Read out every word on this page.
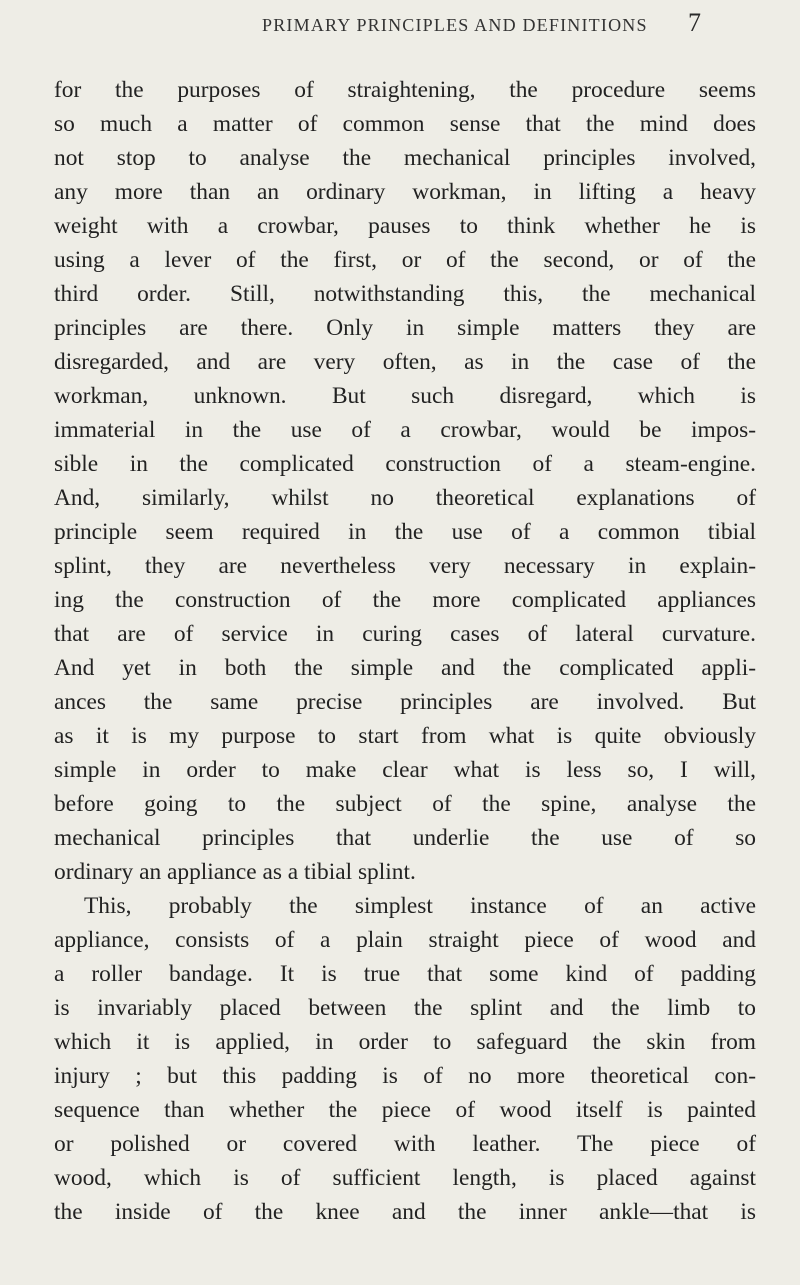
PRIMARY PRINCIPLES AND DEFINITIONS 7
for the purposes of straightening, the procedure seems
so much a matter of common sense that the mind does
not stop to analyse the mechanical principles involved,
any more than an ordinary workman, in lifting a heavy
weight with a crowbar, pauses to think whether he is
using a lever of the first, or of the second, or of the
third order. Still, notwithstanding this, the mechanical
principles are there. Only in simple matters they are
disregarded, and are very often, as in the case of the
workman, unknown. But such disregard, which is
immaterial in the use of a crowbar, would be impos-
sible in the complicated construction of a steam-engine.
And, similarly, whilst no theoretical explanations of
principle seem required in the use of a common tibial
splint, they are nevertheless very necessary in explain-
ing the construction of the more complicated appliances
that are of service in curing cases of lateral curvature.
And yet in both the simple and the complicated appli-
ances the same precise principles are involved. But
as it is my purpose to start from what is quite obviously
simple in order to make clear what is less so, I will,
before going to the subject of the spine, analyse the
mechanical principles that underlie the use of so
ordinary an appliance as a tibial splint.
This, probably the simplest instance of an active
appliance, consists of a plain straight piece of wood and
a roller bandage. It is true that some kind of padding
is invariably placed between the splint and the limb to
which it is applied, in order to safeguard the skin from
injury ; but this padding is of no more theoretical con-
sequence than whether the piece of wood itself is painted
or polished or covered with leather. The piece of
wood, which is of sufficient length, is placed against
the inside of the knee and the inner ankle—that is
